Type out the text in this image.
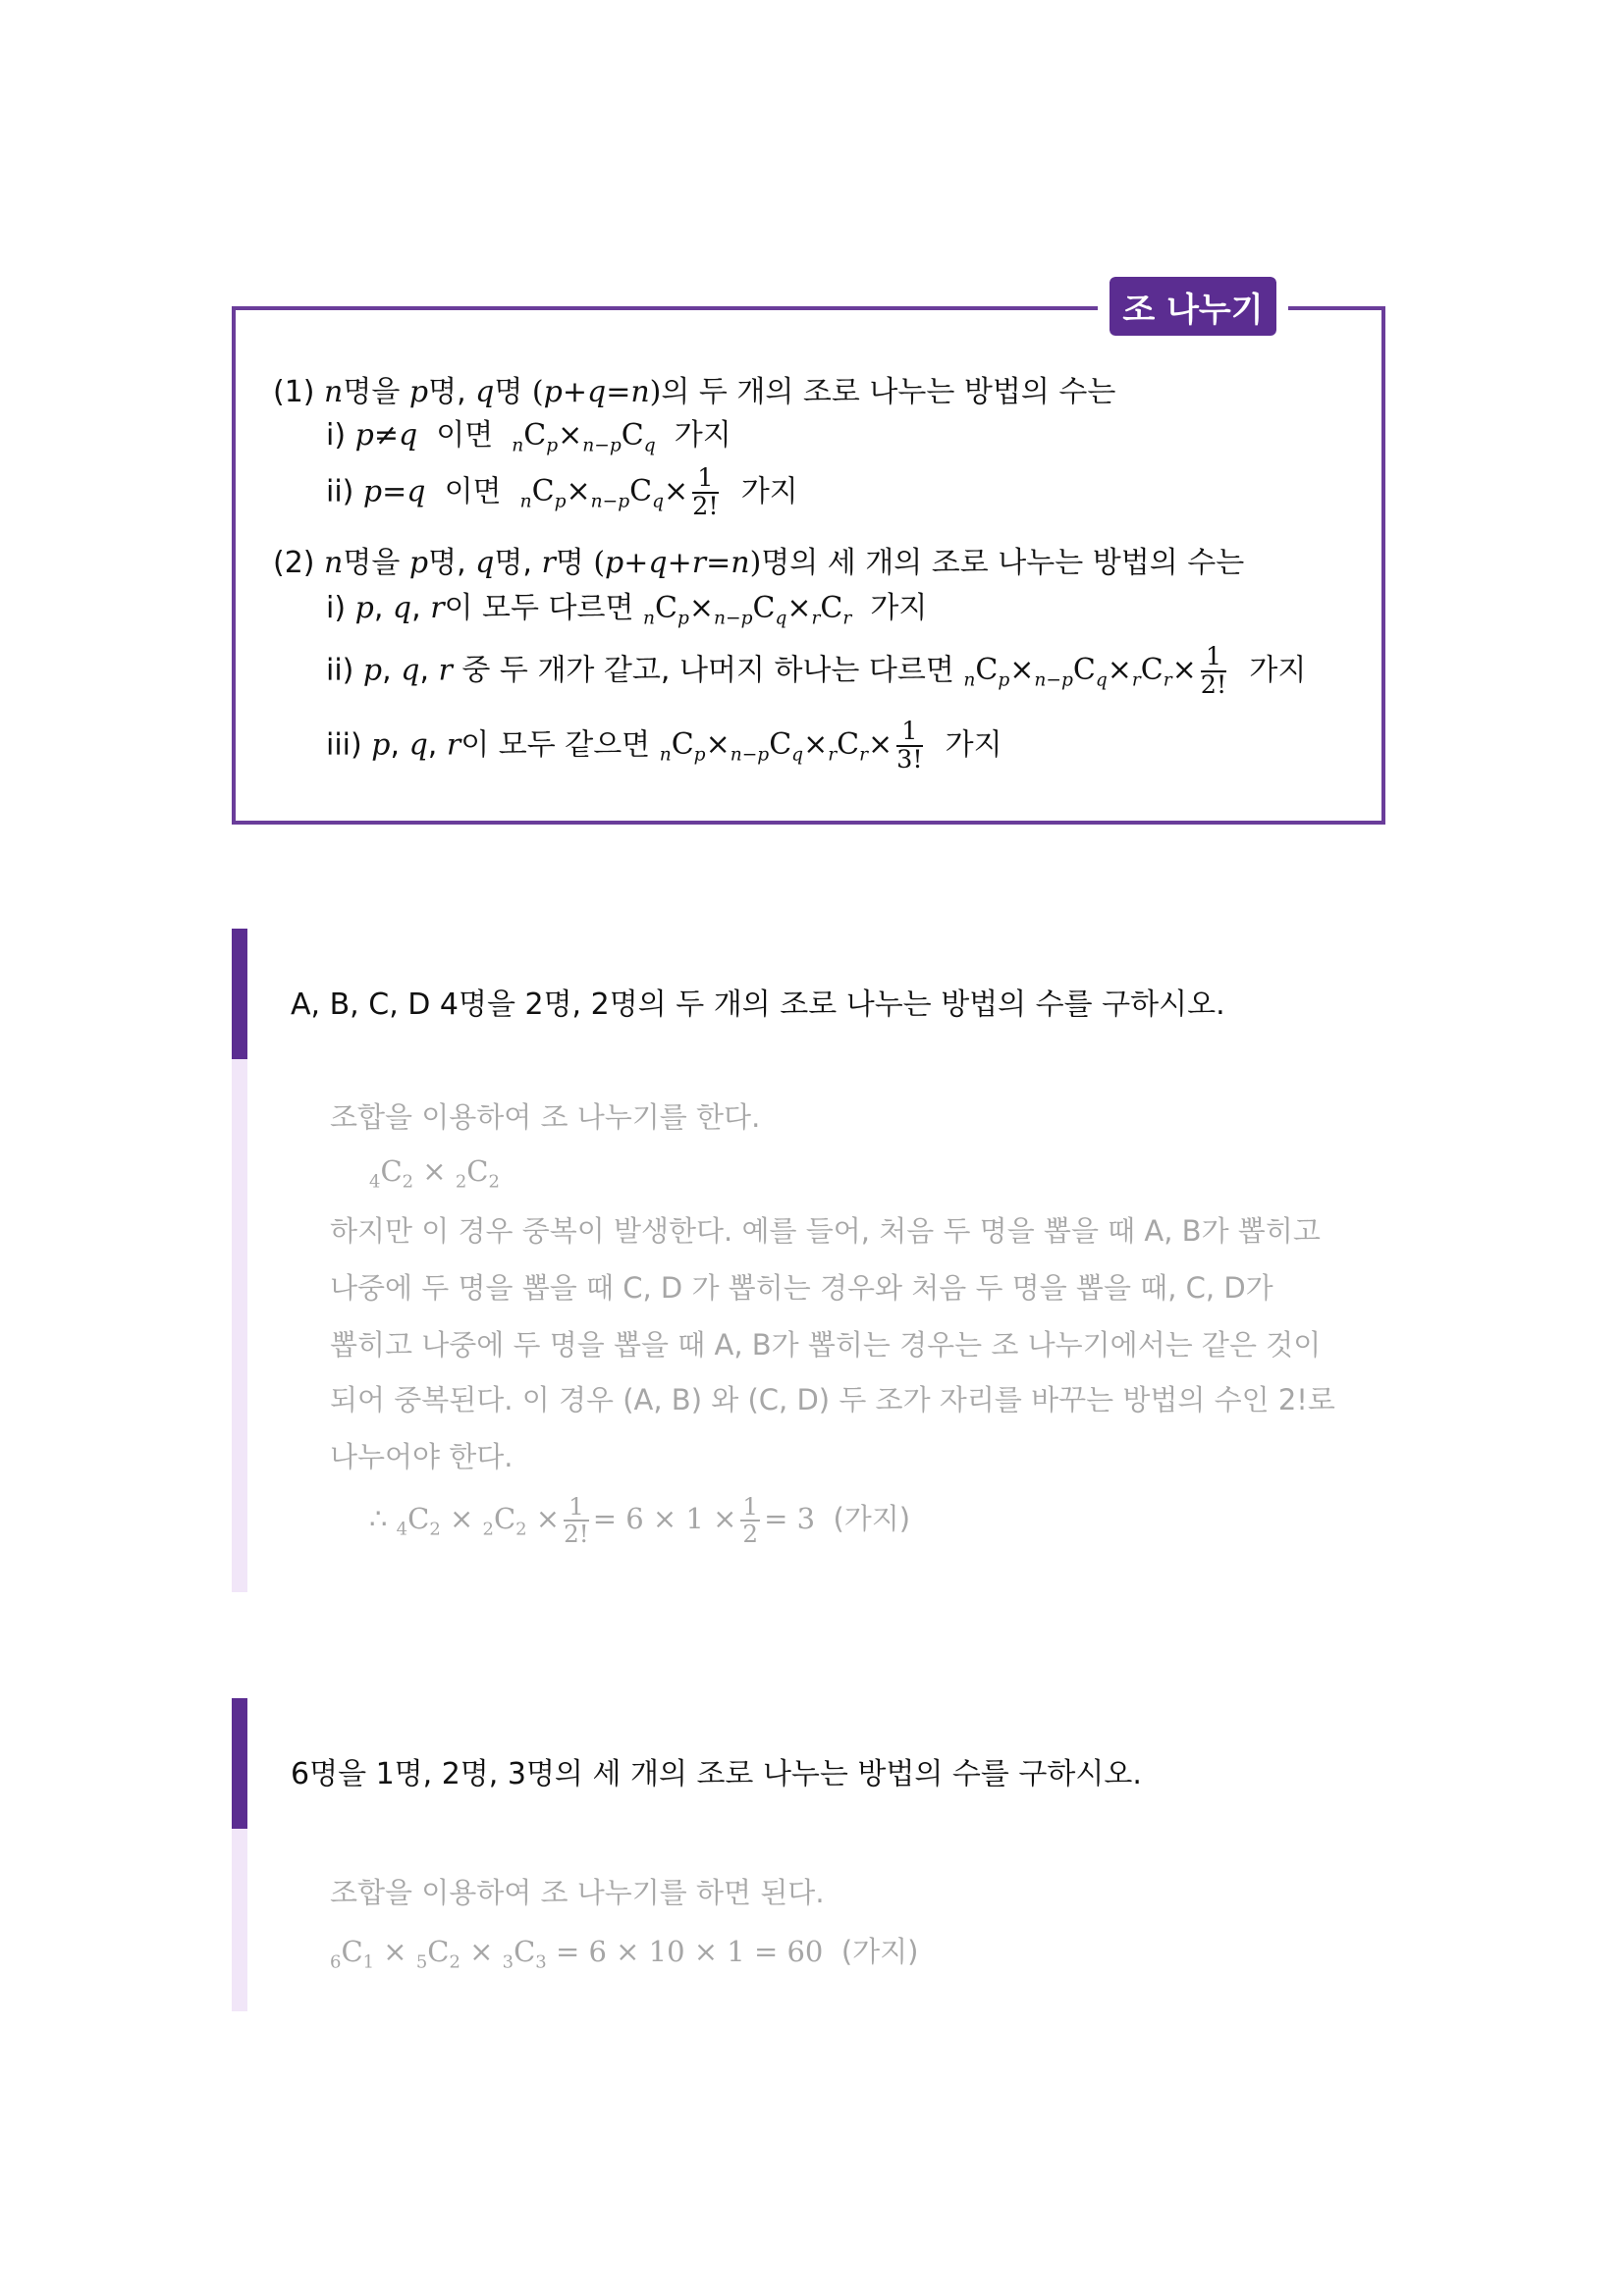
조 나누기
(1) n명을 p명, q명 (p+q=n)의 두 개의 조로 나누는 방법의 수는
i) p≠q 이면 $_nC_p\times_{n-p}C_q$ 가지
ii) p=q 이면 $_nC_p\times_{n-p}C_q\times \frac{1}{2!}$ 가지
(2) n명을 p명, q명, r명 (p+q+r=n)명의 세 개의 조로 나누는 방법의 수는
i) p, q, r이 모두 다르면 $_nC_p\times_{n-p}C_q\times_rC_r$ 가지
ii) p, q, r 중 두 개가 같고, 나머지 하나는 다르면 $_nC_p\times_{n-p}C_q\times_rC_r\times \frac{1}{2!}$ 가지
iii) p, q, r이 모두 같으면 $_nC_p\times_{n-p}C_q\times_rC_r\times \frac{1}{3!}$ 가지
A, B, C, D 4명을 2명, 2명의 두 개의 조로 나누는 방법의 수를 구하시오.
조합을 이용하여 조 나누기를 한다.
$_4C_2 \times _2C_2$
하지만 이 경우 중복이 발생한다. 예를 들어, 처음 두 명을 뽑을 때 A, B가 뽑히고
나중에 두 명을 뽑을 때 C, D 가 뽑히는 경우와 처음 두 명을 뽑을 때, C, D가
뽑히고 나중에 두 명을 뽑을 때 A, B가 뽑히는 경우는 조 나누기에서는 같은 것이
되어 중복된다. 이 경우 (A, B) 와 (C, D) 두 조가 자리를 바꾸는 방법의 수인 2!로
나누어야 한다.
∴ $_4C_2 \times _2C_2 \times \frac{1}{2!} = 6 \times 1 \times \frac{1}{2} = 3$ (가지)
6명을 1명, 2명, 3명의 세 개의 조로 나누는 방법의 수를 구하시오.
조합을 이용하여 조 나누기를 하면 된다.
$_6C_1 \times _5C_2 \times _3C_3 = 6 \times 10 \times 1 = 60$ (가지)
